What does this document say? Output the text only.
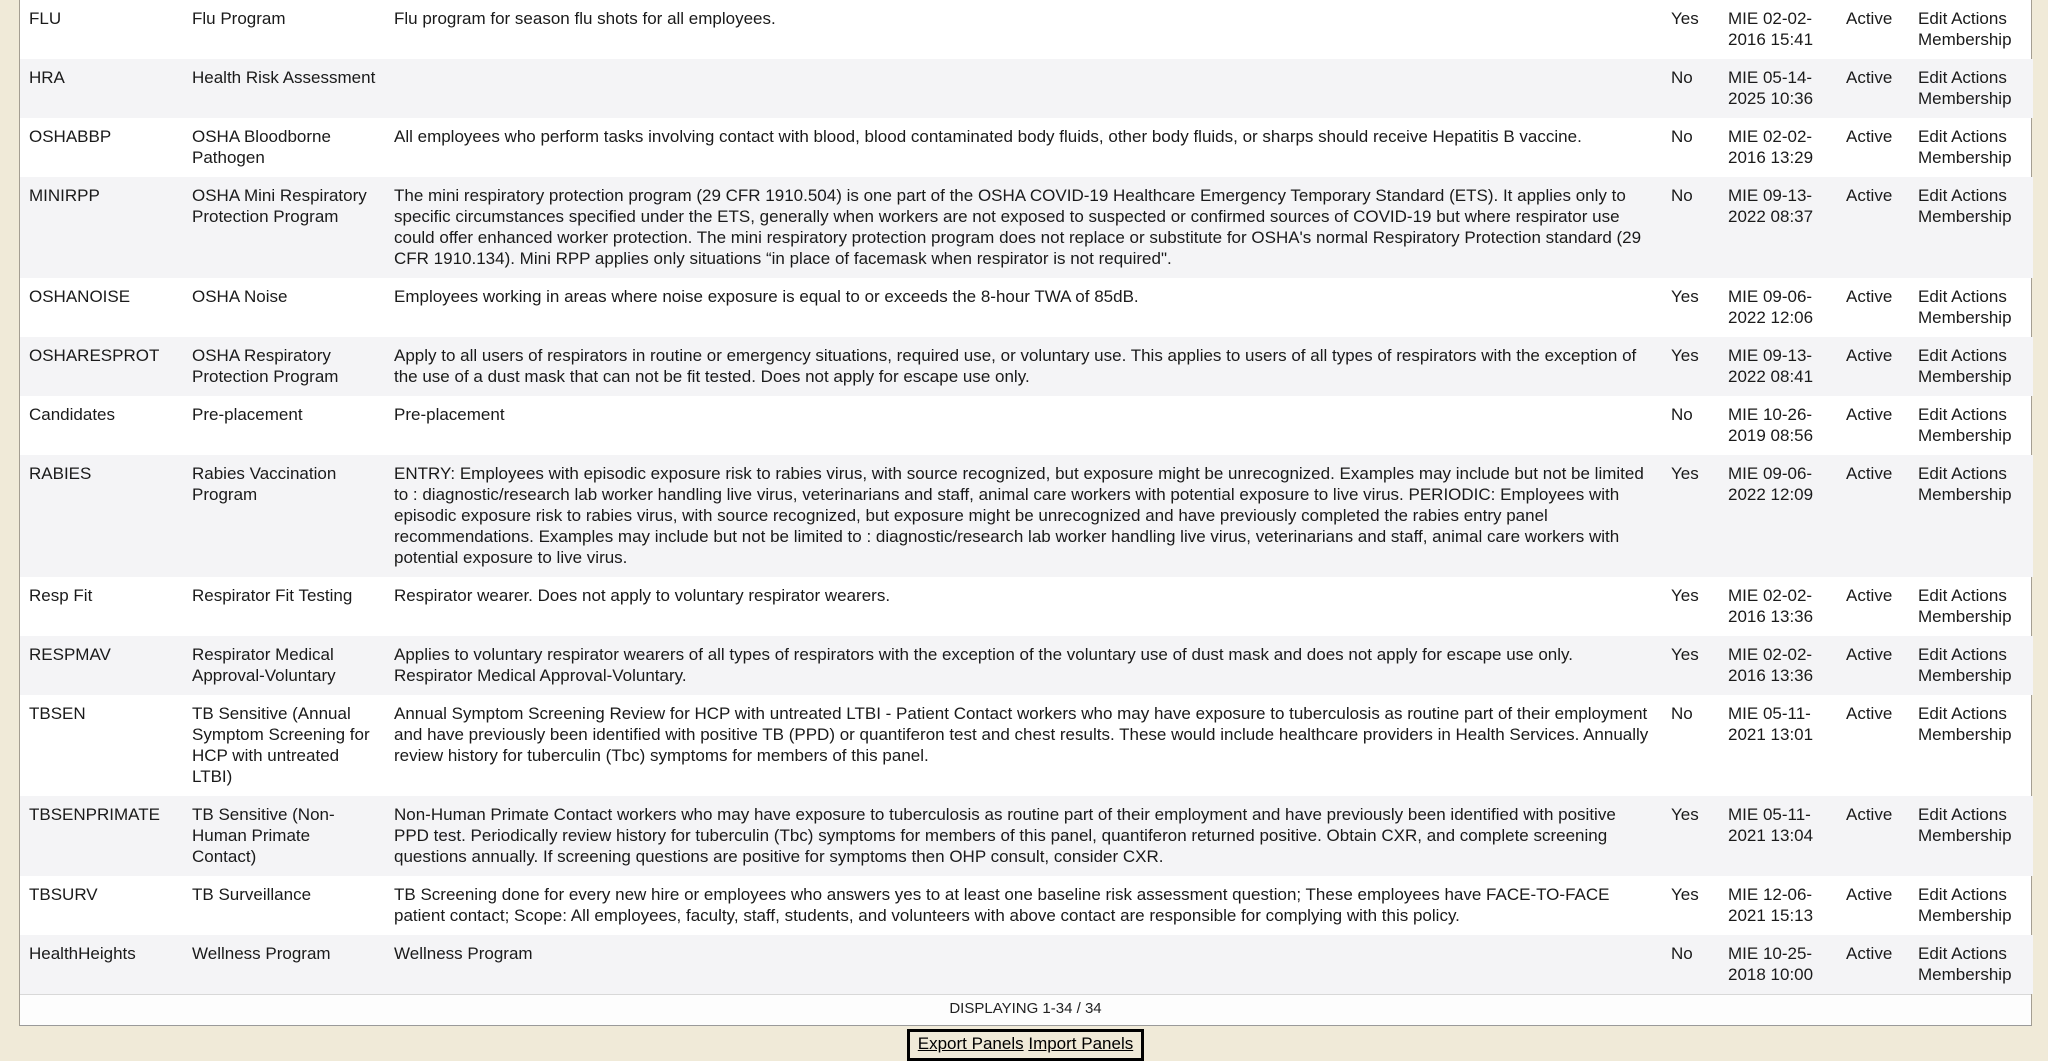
FLU	Flu Program	Flu program for season flu shots for all employees.	Yes	MIE 02-02-2016 15:41	Active	Edit Actions Membership
HRA	Health Risk Assessment		No	MIE 05-14-2025 10:36	Active	Edit Actions Membership
OSHABBP	OSHA Bloodborne Pathogen	All employees who perform tasks involving contact with blood, blood contaminated body fluids, other body fluids, or sharps should receive Hepatitis B vaccine.	No	MIE 02-02-2016 13:29	Active	Edit Actions Membership
MINIRPP	OSHA Mini Respiratory Protection Program	The mini respiratory protection program (29 CFR 1910.504) is one part of the OSHA COVID-19 Healthcare Emergency Temporary Standard (ETS). It applies only to specific circumstances specified under the ETS, generally when workers are not exposed to suspected or confirmed sources of COVID-19 but where respirator use could offer enhanced worker protection. The mini respiratory protection program does not replace or substitute for OSHA's normal Respiratory Protection standard (29 CFR 1910.134). Mini RPP applies only situations “in place of facemask when respirator is not required".	No	MIE 09-13-2022 08:37	Active	Edit Actions Membership
OSHANOISE	OSHA Noise	Employees working in areas where noise exposure is equal to or exceeds the 8-hour TWA of 85dB.	Yes	MIE 09-06-2022 12:06	Active	Edit Actions Membership
OSHARESPROT	OSHA Respiratory Protection Program	Apply to all users of respirators in routine or emergency situations, required use, or voluntary use. This applies to users of all types of respirators with the exception of the use of a dust mask that can not be fit tested. Does not apply for escape use only.	Yes	MIE 09-13-2022 08:41	Active	Edit Actions Membership
Candidates	Pre-placement	Pre-placement	No	MIE 10-26-2019 08:56	Active	Edit Actions Membership
RABIES	Rabies Vaccination Program	ENTRY: Employees with episodic exposure risk to rabies virus, with source recognized, but exposure might be unrecognized. Examples may include but not be limited to : diagnostic/research lab worker handling live virus, veterinarians and staff, animal care workers with potential exposure to live virus. PERIODIC: Employees with episodic exposure risk to rabies virus, with source recognized, but exposure might be unrecognized and have previously completed the rabies entry panel recommendations. Examples may include but not be limited to : diagnostic/research lab worker handling live virus, veterinarians and staff, animal care workers with potential exposure to live virus.	Yes	MIE 09-06-2022 12:09	Active	Edit Actions Membership
Resp Fit	Respirator Fit Testing	Respirator wearer. Does not apply to voluntary respirator wearers.	Yes	MIE 02-02-2016 13:36	Active	Edit Actions Membership
RESPMAV	Respirator Medical Approval-Voluntary	Applies to voluntary respirator wearers of all types of respirators with the exception of the voluntary use of dust mask and does not apply for escape use only. Respirator Medical Approval-Voluntary.	Yes	MIE 02-02-2016 13:36	Active	Edit Actions Membership
TBSEN	TB Sensitive (Annual Symptom Screening for HCP with untreated LTBI)	Annual Symptom Screening Review for HCP with untreated LTBI - Patient Contact workers who may have exposure to tuberculosis as routine part of their employment and have previously been identified with positive TB (PPD) or quantiferon test and chest results. These would include healthcare providers in Health Services. Annually review history for tuberculin (Tbc) symptoms for members of this panel.	No	MIE 05-11-2021 13:01	Active	Edit Actions Membership
TBSENPRIMATE	TB Sensitive (Non-Human Primate Contact)	Non-Human Primate Contact workers who may have exposure to tuberculosis as routine part of their employment and have previously been identified with positive PPD test. Periodically review history for tuberculin (Tbc) symptoms for members of this panel, quantiferon returned positive. Obtain CXR, and complete screening questions annually. If screening questions are positive for symptoms then OHP consult, consider CXR.	Yes	MIE 05-11-2021 13:04	Active	Edit Actions Membership
TBSURV	TB Surveillance	TB Screening done for every new hire or employees who answers yes to at least one baseline risk assessment question; These employees have FACE-TO-FACE patient contact; Scope: All employees, faculty, staff, students, and volunteers with above contact are responsible for complying with this policy.	Yes	MIE 12-06-2021 15:13	Active	Edit Actions Membership
HealthHeights	Wellness Program	Wellness Program	No	MIE 10-25-2018 10:00	Active	Edit Actions Membership
DISPLAYING 1-34 / 34
Export Panels Import Panels
